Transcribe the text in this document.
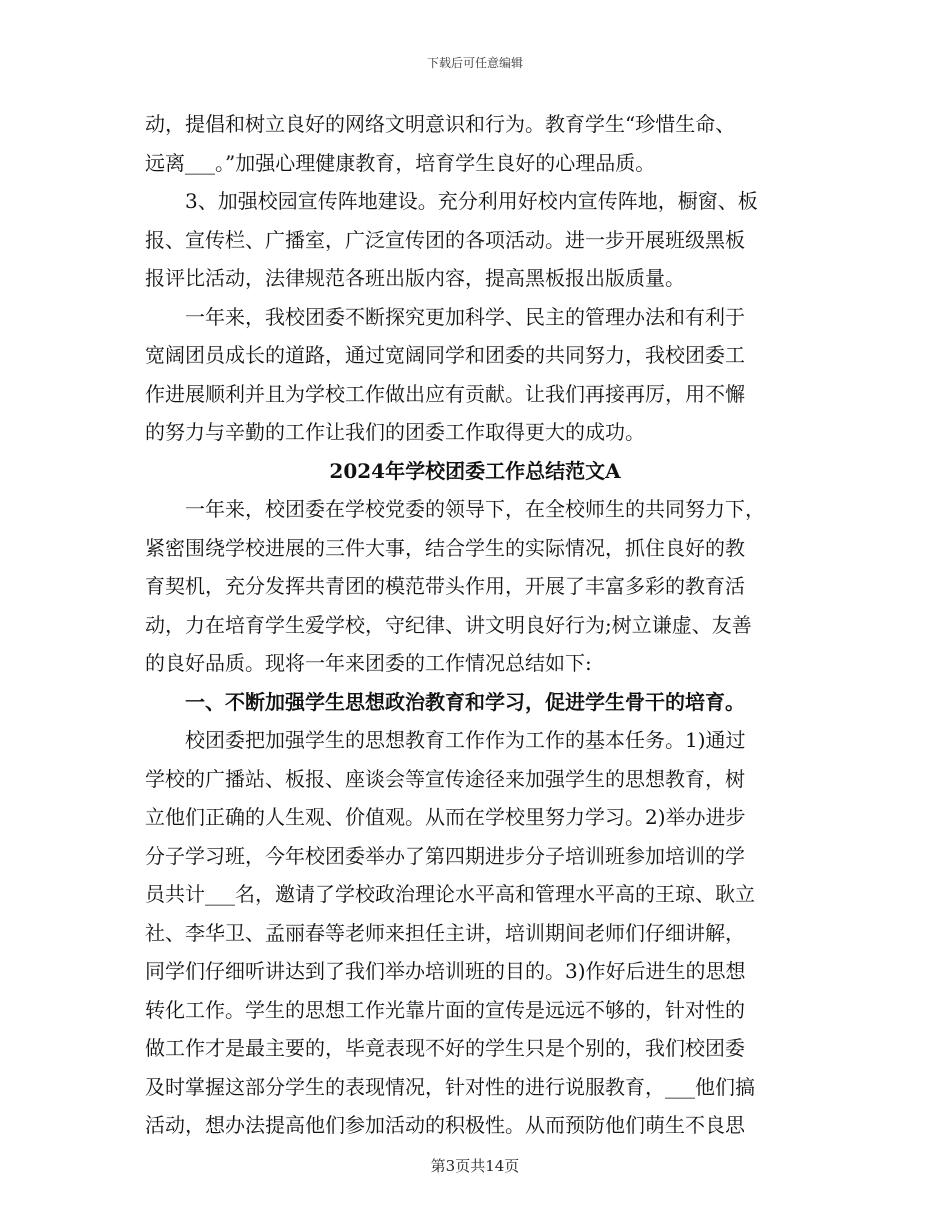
下载后可任意编辑
动，提倡和树立良好的网络文明意识和行为。教育学生“珍惜生命、
远离___。”加强心理健康教育，培育学生良好的心理品质。
3、加强校园宣传阵地建设。充分利用好校内宣传阵地，橱窗、板
报、宣传栏、广播室，广泛宣传团的各项活动。进一步开展班级黑板
报评比活动，法律规范各班出版内容，提高黑板报出版质量。
一年来，我校团委不断探究更加科学、民主的管理办法和有利于
宽阔团员成长的道路，通过宽阔同学和团委的共同努力，我校团委工
作进展顺利并且为学校工作做出应有贡献。让我们再接再厉，用不懈
的努力与辛勤的工作让我们的团委工作取得更大的成功。
2024年学校团委工作总结范文A
一年来，校团委在学校党委的领导下，在全校师生的共同努力下，
紧密围绕学校进展的三件大事，结合学生的实际情况，抓住良好的教
育契机，充分发挥共青团的模范带头作用，开展了丰富多彩的教育活
动，力在培育学生爱学校，守纪律、讲文明良好行为;树立谦虚、友善
的良好品质。现将一年来团委的工作情况总结如下:
一、不断加强学生思想政治教育和学习，促进学生骨干的培育。
校团委把加强学生的思想教育工作作为工作的基本任务。1)通过
学校的广播站、板报、座谈会等宣传途径来加强学生的思想教育，树
立他们正确的人生观、价值观。从而在学校里努力学习。2)举办进步
分子学习班，今年校团委举办了第四期进步分子培训班参加培训的学
员共计___名，邀请了学校政治理论水平高和管理水平高的王琼、耿立
社、李华卫、孟丽春等老师来担任主讲，培训期间老师们仔细讲解，
同学们仔细听讲达到了我们举办培训班的目的。3)作好后进生的思想
转化工作。学生的思想工作光靠片面的宣传是远远不够的，针对性的
做工作才是最主要的，毕竟表现不好的学生只是个别的，我们校团委
及时掌握这部分学生的表现情况，针对性的进行说服教育，___他们搞
活动，想办法提高他们参加活动的积极性。从而预防他们萌生不良思
第3页共14页
